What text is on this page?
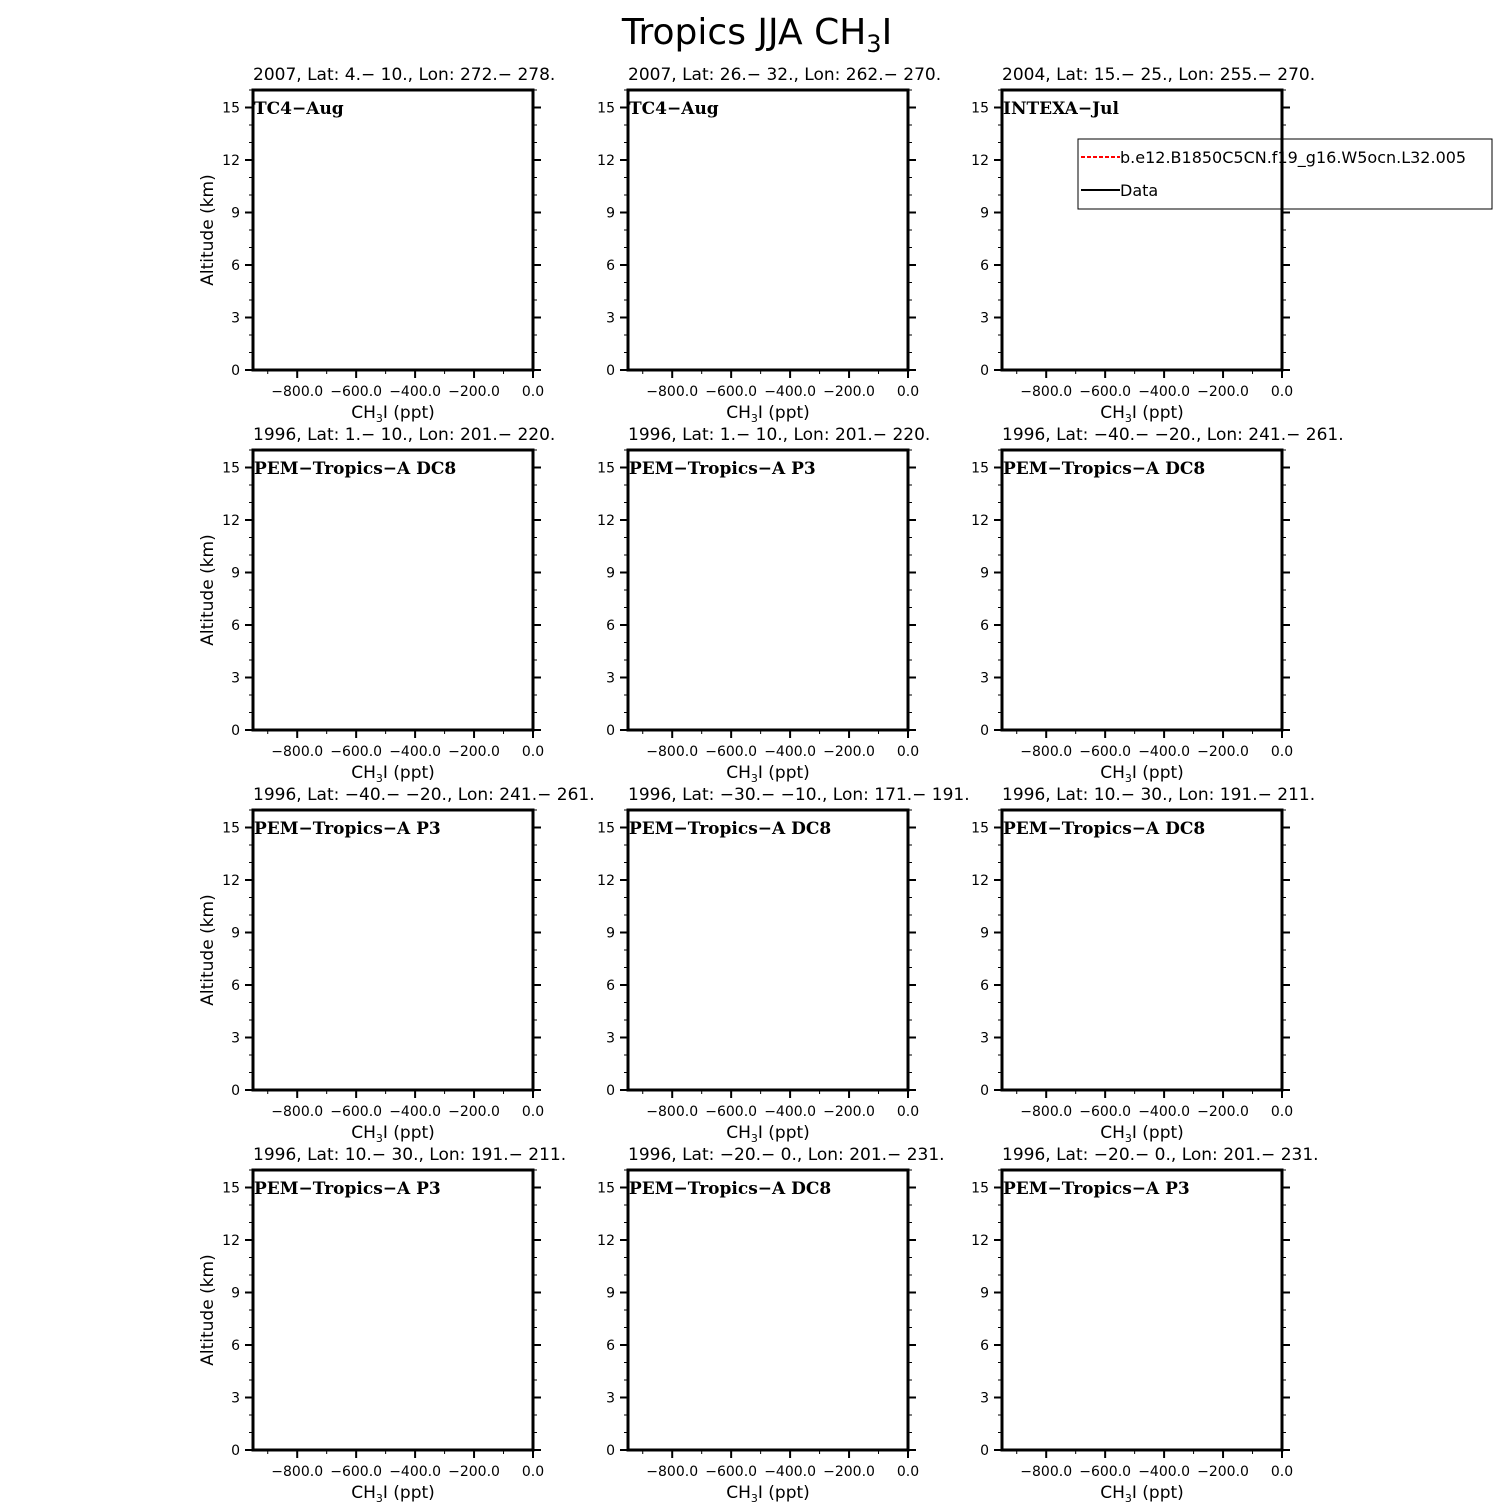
Tropics JJA $CH_3I$
2007, Lat: 4.− 10., Lon: 272.− 278.
TC4−Aug
0
3
6
9
12
15
−800.0 −600.0 −400.0 −200.0 0.0
$CH_3I$ (ppt)
Altitude (km)
2007, Lat: 26.− 32., Lon: 262.− 270.
TC4−Aug
0
3
6
9
12
15
−800.0 −600.0 −400.0 −200.0 0.0
$CH_3I$ (ppt)
2004, Lat: 15.− 25., Lon: 255.− 270.
INTEXA−Jul
0
3
6
9
12
15
−800.0 −600.0 −400.0 −200.0 0.0
$CH_3I$ (ppt)
1996, Lat: 1.− 10., Lon: 201.− 220.
PEM−Tropics−A DC8
0
3
6
9
12
15
−800.0 −600.0 −400.0 −200.0 0.0
$CH_3I$ (ppt)
Altitude (km)
1996, Lat: 1.− 10., Lon: 201.− 220.
PEM−Tropics−A P3
0
3
6
9
12
15
−800.0 −600.0 −400.0 −200.0 0.0
$CH_3I$ (ppt)
1996, Lat: −40.− −20., Lon: 241.− 261.
PEM−Tropics−A DC8
0
3
6
9
12
15
−800.0 −600.0 −400.0 −200.0 0.0
$CH_3I$ (ppt)
1996, Lat: −40.− −20., Lon: 241.− 261.
PEM−Tropics−A P3
0
3
6
9
12
15
−800.0 −600.0 −400.0 −200.0 0.0
$CH_3I$ (ppt)
Altitude (km)
1996, Lat: −30.− −10., Lon: 171.− 191.
PEM−Tropics−A DC8
0
3
6
9
12
15
−800.0 −600.0 −400.0 −200.0 0.0
$CH_3I$ (ppt)
1996, Lat: 10.− 30., Lon: 191.− 211.
PEM−Tropics−A DC8
0
3
6
9
12
15
−800.0 −600.0 −400.0 −200.0 0.0
$CH_3I$ (ppt)
1996, Lat: 10.− 30., Lon: 191.− 211.
PEM−Tropics−A P3
0
3
6
9
12
15
−800.0 −600.0 −400.0 −200.0 0.0
$CH_3I$ (ppt)
Altitude (km)
1996, Lat: −20.− 0., Lon: 201.− 231.
PEM−Tropics−A DC8
0
3
6
9
12
15
−800.0 −600.0 −400.0 −200.0 0.0
$CH_3I$ (ppt)
1996, Lat: −20.− 0., Lon: 201.− 231.
PEM−Tropics−A P3
0
3
6
9
12
15
−800.0 −600.0 −400.0 −200.0 0.0
$CH_3I$ (ppt)
b.e12.B1850C5CN.f19_g16.W5ocn.L32.005
Data
